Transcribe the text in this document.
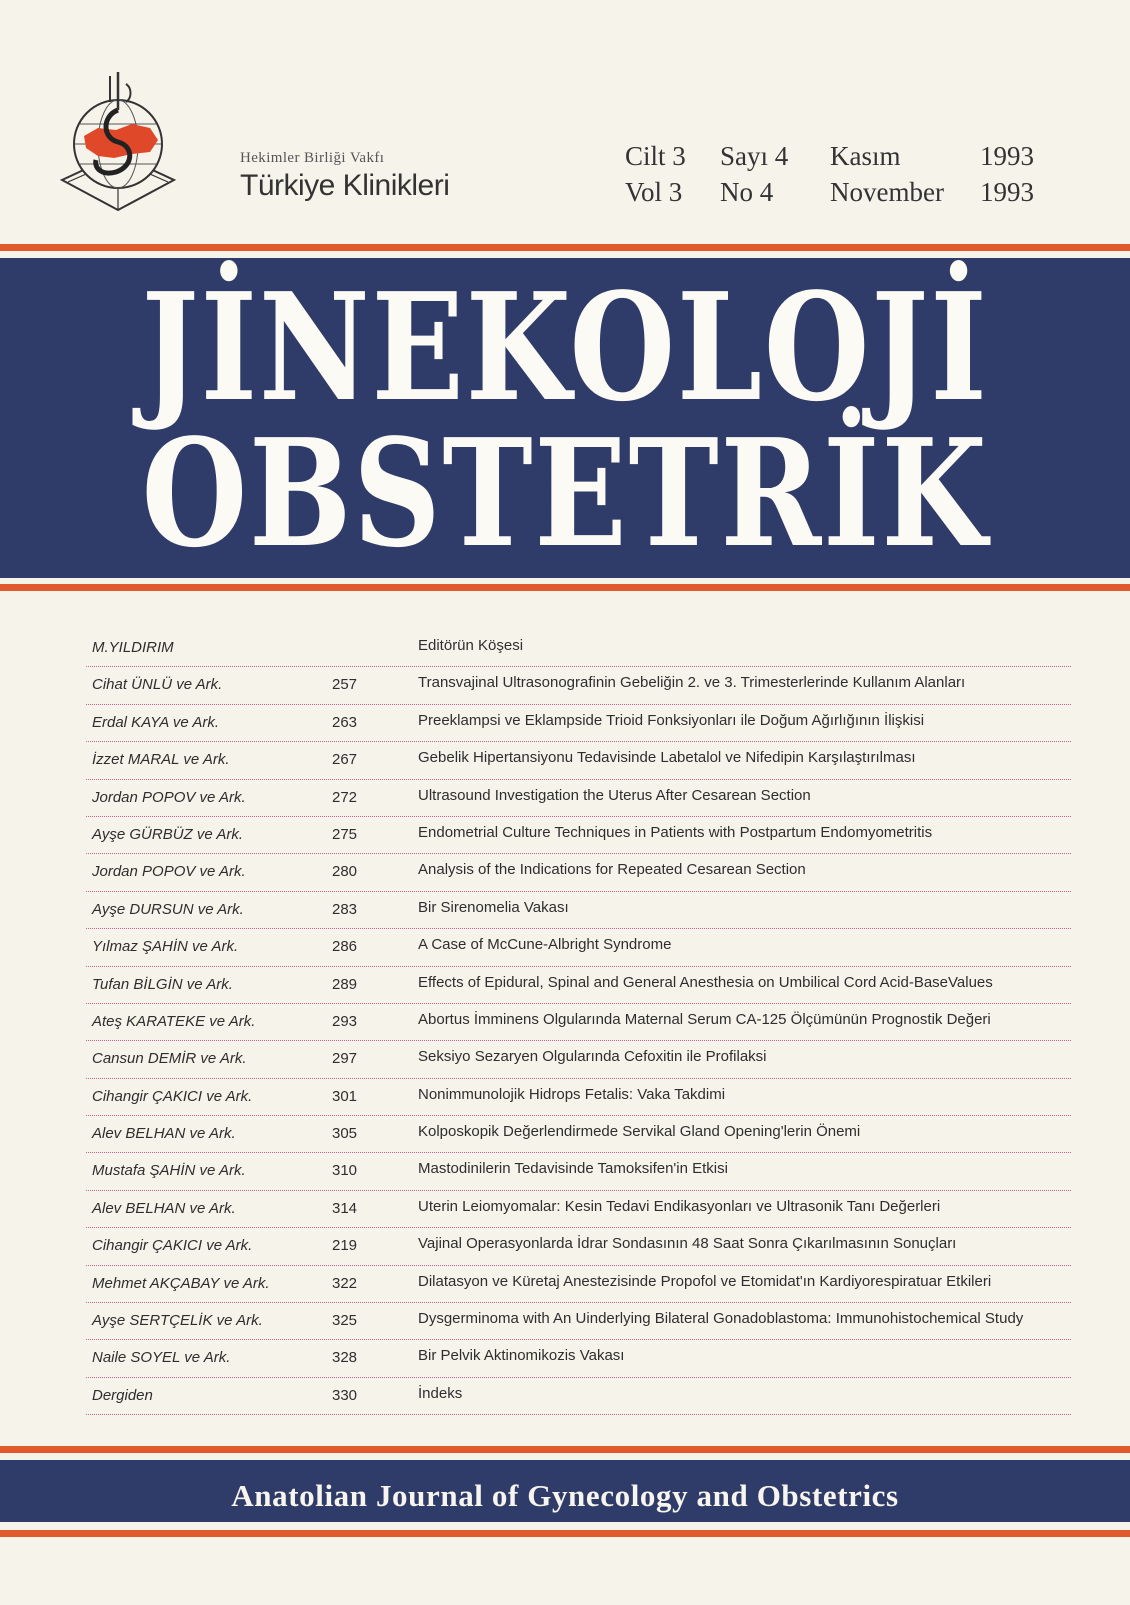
Hekimler Birliği Vakfı
Türkiye Klinikleri
Cilt 3 Sayı 4 Kasım	1993
Vol 3 No 4 November 1993
JİNEKOLOJİ
OBSTETRİK
M.YILDIRIM	Editörün Köşesi
Cihat ÜNLÜ ve Ark.	257	Transvajinal Ultrasonografinin Gebeliğin 2. ve 3. Trimesterlerinde Kullanım Alanları
Erdal KAYA ve Ark.	263	Preeklampsi ve Eklampside Trioid Fonksiyonları ile Doğum Ağırlığının İlişkisi
İzzet MARAL ve Ark.	267	Gebelik Hipertansiyonu Tedavisinde Labetalol ve Nifedipin Karşılaştırılması
Jordan POPOV ve Ark.	272	Ultrasound Investigation the Uterus After Cesarean Section
Ayşe GÜRBÜZ ve Ark.	275	Endometrial Culture Techniques in Patients with Postpartum Endomyometritis
Jordan POPOV ve Ark.	280	Analysis of the Indications for Repeated Cesarean Section
Ayşe DURSUN ve Ark.	283	Bir Sirenomelia Vakası
Yılmaz ŞAHİN ve Ark.	286	A Case of McCune-Albright Syndrome
Tufan BİLGİN ve Ark.	289	Effects of Epidural, Spinal and General Anesthesia on Umbilical Cord Acid-BaseValues
Ateş KARATEKE ve Ark.	293	Abortus İmminens Olgularında Maternal Serum CA-125 Ölçümünün Prognostik Değeri
Cansun DEMİR ve Ark.	297	Seksiyo Sezaryen Olgularında Cefoxitin ile Profilaksi
Cihangir ÇAKICI ve Ark.	301	Nonimmunolojik Hidrops Fetalis: Vaka Takdimi
Alev BELHAN ve Ark.	305	Kolposkopik Değerlendirmede Servikal Gland Opening'lerin Önemi
Mustafa ŞAHİN ve Ark.	310	Mastodinilerin Tedavisinde Tamoksifen'in Etkisi
Alev BELHAN ve Ark.	314	Uterin Leiomyomalar: Kesin Tedavi Endikasyonları ve Ultrasonik Tanı Değerleri
Cihangir ÇAKICI ve Ark.	219	Vajinal Operasyonlarda İdrar Sondasının 48 Saat Sonra Çıkarılmasının Sonuçları
Mehmet AKÇABAY ve Ark.	322	Dilatasyon ve Küretaj Anestezisinde Propofol ve Etomidat'ın Kardiyorespiratuar Etkileri
Ayşe SERTÇELİK ve Ark.	325	Dysgerminoma with An Uinderlying Bilateral Gonadoblastoma: Immunohistochemical Study
Naile SOYEL ve Ark.	328	Bir Pelvik Aktinomikozis Vakası
Dergiden	330	İndeks
Anatolian Journal of Gynecology and Obstetrics
